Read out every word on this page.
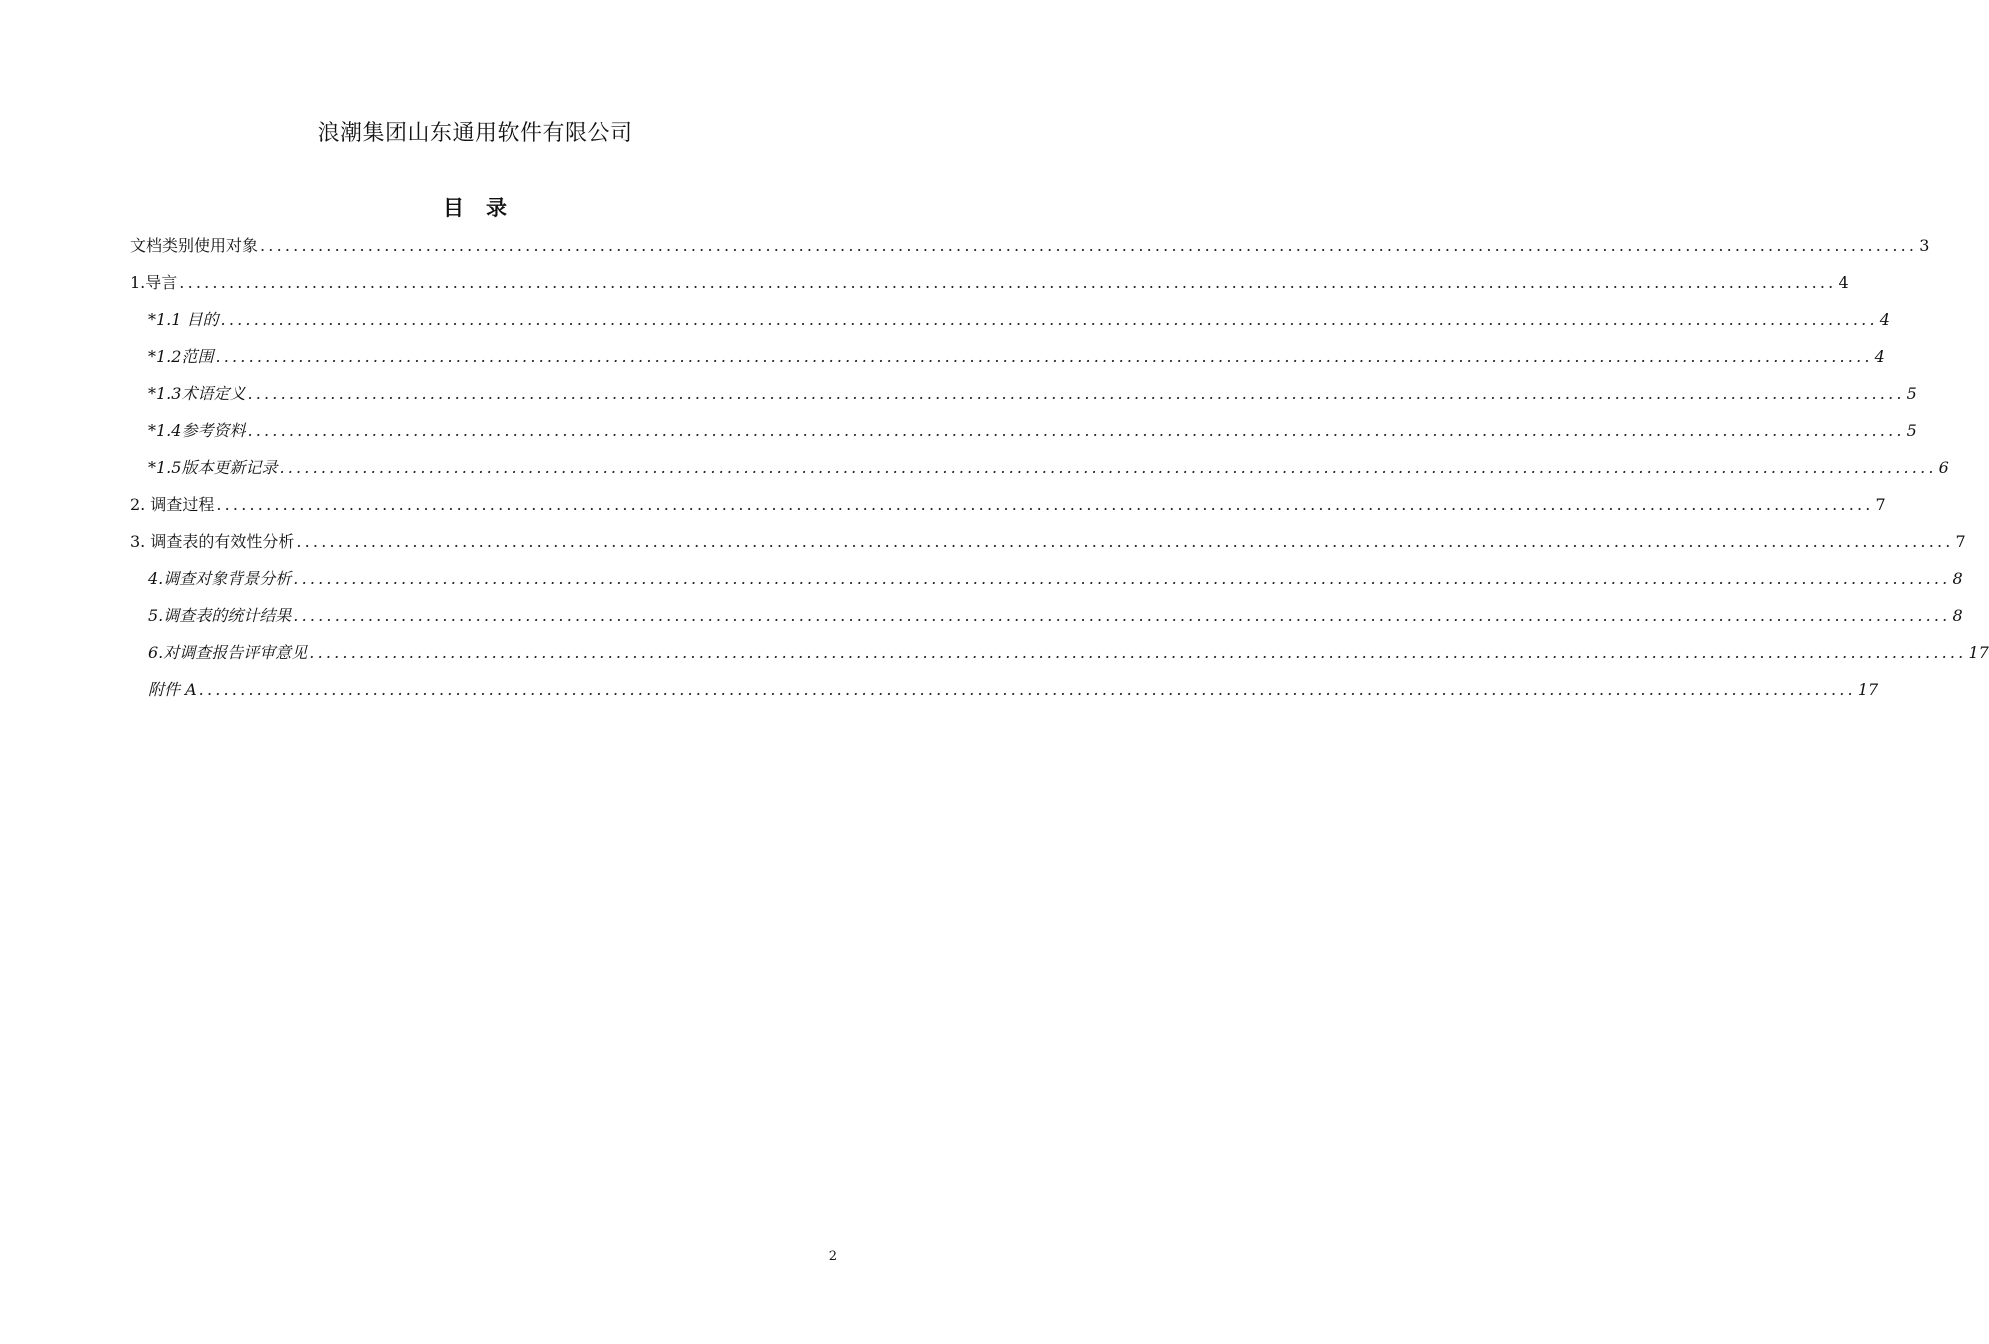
浪潮集团山东通用软件有限公司
目 录
文档类别使用对象 ........................................................................................................................................................................................................ 3
1.导言 ........................................................................................................................................................................................................ 4
*1.1 目的 ........................................................................................................................................................................................................ 4
*1.2范围 ........................................................................................................................................................................................................ 4
*1.3术语定义 ........................................................................................................................................................................................................ 5
*1.4参考资料 ........................................................................................................................................................................................................ 5
*1.5版本更新记录 ........................................................................................................................................................................................................ 6
2. 调查过程 ........................................................................................................................................................................................................ 7
3. 调查表的有效性分析 ........................................................................................................................................................................................................ 7
4.调查对象背景分析 ........................................................................................................................................................................................................ 8
5.调查表的统计结果 ........................................................................................................................................................................................................ 8
6.对调查报告评审意见 ........................................................................................................................................................................................................ 17
附件 A ........................................................................................................................................................................................................ 17
2
